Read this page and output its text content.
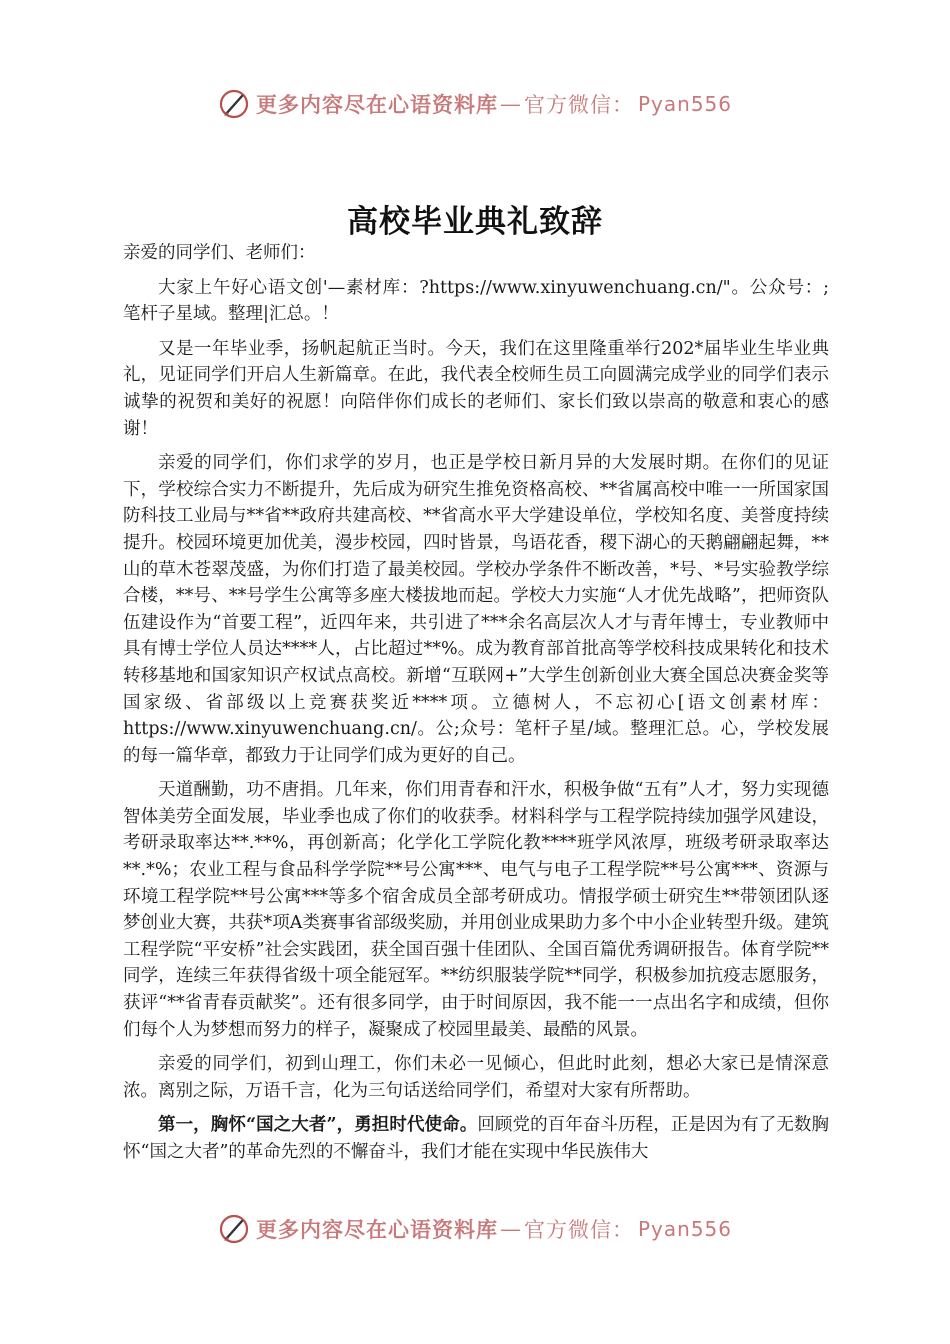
更多内容尽在心语资料库 — 官方微信： Pyan556
高校毕业典礼致辞

亲爱的同学们、老师们：

大家上午好心语文创'—素材库：?https://www.xinyuwenchuang.cn/"。公众号：;笔杆子星域。整理|汇总。！

又是一年毕业季，扬帆起航正当时。今天，我们在这里隆重举行202*届毕业生毕业典礼，见证同学们开启人生新篇章。在此，我代表全校师生员工向圆满完成学业的同学们表示诚挚的祝贺和美好的祝愿！向陪伴你们成长的老师们、家长们致以崇高的敬意和衷心的感谢！

亲爱的同学们，你们求学的岁月，也正是学校日新月异的大发展时期。在你们的见证下，学校综合实力不断提升，先后成为研究生推免资格高校、**省属高校中唯一一所国家国防科技工业局与**省**政府共建高校、**省高水平大学建设单位，学校知名度、美誉度持续提升。校园环境更加优美，漫步校园，四时皆景，鸟语花香，稷下湖心的天鹅翩翩起舞，**山的草木苍翠茂盛，为你们打造了最美校园。学校办学条件不断改善，*号、*号实验教学综合楼，**号、**号学生公寓等多座大楼拔地而起。学校大力实施“人才优先战略”，把师资队伍建设作为“首要工程”，近四年来，共引进了***余名高层次人才与青年博士，专业教师中具有博士学位人员达****人，占比超过**%。成为教育部首批高等学校科技成果转化和技术转移基地和国家知识产权试点高校。新增“互联网+”大学生创新创业大赛全国总决赛金奖等国家级、省部级以上竞赛获奖近****项。立德树人，不忘初心[语文创素材库：https://www.xinyuwenchuang.cn/。公;众号：笔杆子星/域。整理汇总。心，学校发展的每一篇华章，都致力于让同学们成为更好的自己。

天道酬勤，功不唐捐。几年来，你们用青春和汗水，积极争做“五有”人才，努力实现德智体美劳全面发展，毕业季也成了你们的收获季。材料科学与工程学院持续加强学风建设，考研录取率达**.**%，再创新高；化学化工学院化教****班学风浓厚，班级考研录取率达**.*%；农业工程与食品科学学院**号公寓***、电气与电子工程学院**号公寓***、资源与环境工程学院**号公寓***等多个宿舍成员全部考研成功。情报学硕士研究生**带领团队逐梦创业大赛，共获*项A类赛事省部级奖励，并用创业成果助力多个中小企业转型升级。建筑工程学院“平安桥”社会实践团，获全国百强十佳团队、全国百篇优秀调研报告。体育学院**同学，连续三年获得省级十项全能冠军。**纺织服装学院**同学，积极参加抗疫志愿服务，获评“**省青春贡献奖”。还有很多同学，由于时间原因，我不能一一点出名字和成绩，但你们每个人为梦想而努力的样子，凝聚成了校园里最美、最酷的风景。

亲爱的同学们，初到山理工，你们未必一见倾心，但此时此刻，想必大家已是情深意浓。离别之际，万语千言，化为三句话送给同学们，希望对大家有所帮助。

第一，胸怀“国之大者”，勇担时代使命。回顾党的百年奋斗历程，正是因为有了无数胸怀“国之大者”的革命先烈的不懈奋斗，我们才能在实现中华民族伟大

更多内容尽在心语资料库 — 官方微信： Pyan556
